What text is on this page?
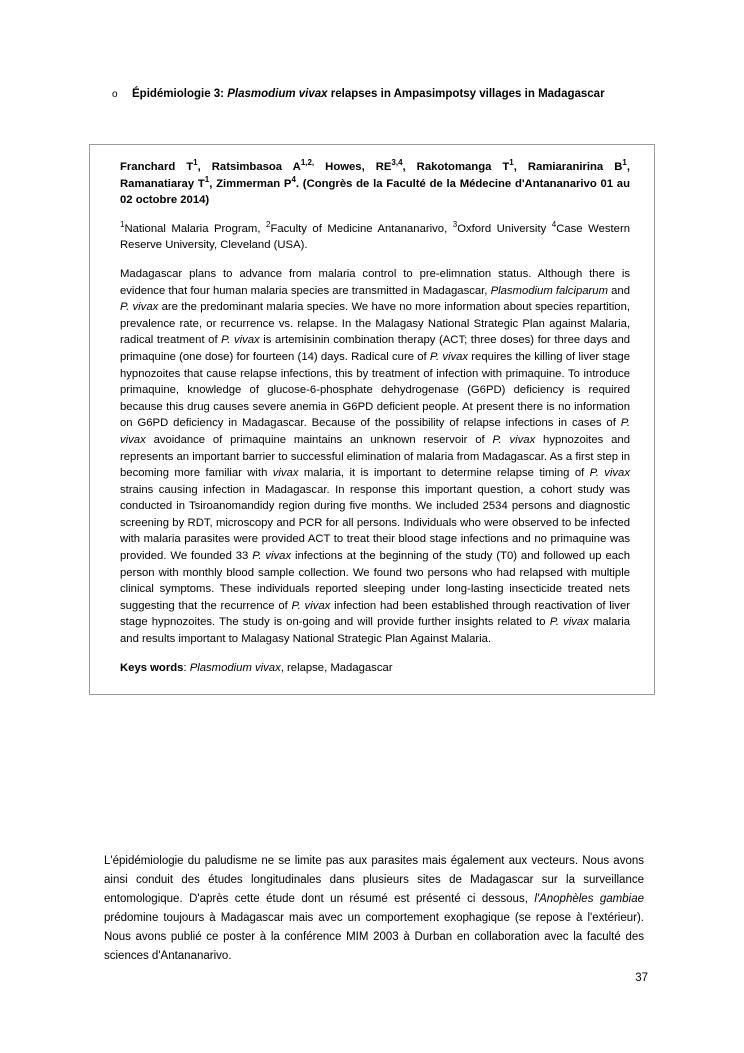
o	Épidémiologie 3: Plasmodium vivax relapses in Ampasimpotsy villages in Madagascar

Franchard $T^1$, Ratsimbasoa $A^{1,2,}$ Howes, RE$^{3,4}$, Rakotomanga $T^1$, Ramiaranirina $B^1$, Ramanatiaray $T^1$, Zimmerman $P^4$. (Congrès de la Faculté de la Médecine d'Antananarivo 01 au 02 octobre 2014)

$^1$National Malaria Program, $^2$Faculty of Medicine Antananarivo, $^3$Oxford University $^4$Case Western Reserve University, Cleveland (USA).

Madagascar plans to advance from malaria control to pre-elimnation status. Although there is evidence that four human malaria species are transmitted in Madagascar, Plasmodium falciparum and P. vivax are the predominant malaria species. We have no more information about species repartition, prevalence rate, or recurrence vs. relapse. In the Malagasy National Strategic Plan against Malaria, radical treatment of P. vivax is artemisinin combination therapy (ACT; three doses) for three days and primaquine (one dose) for fourteen (14) days. Radical cure of P. vivax requires the killing of liver stage hypnozoites that cause relapse infections, this by treatment of infection with primaquine. To introduce primaquine, knowledge of glucose-6-phosphate dehydrogenase (G6PD) deficiency is required because this drug causes severe anemia in G6PD deficient people. At present there is no information on G6PD deficiency in Madagascar. Because of the possibility of relapse infections in cases of P. vivax avoidance of primaquine maintains an unknown reservoir of P. vivax hypnozoites and represents an important barrier to successful elimination of malaria from Madagascar. As a first step in becoming more familiar with vivax malaria, it is important to determine relapse timing of P. vivax strains causing infection in Madagascar. In response this important question, a cohort study was conducted in Tsiroanomandidy region during five months. We included 2534 persons and diagnostic screening by RDT, microscopy and PCR for all persons. Individuals who were observed to be infected with malaria parasites were provided ACT to treat their blood stage infections and no primaquine was provided. We founded 33 P. vivax infections at the beginning of the study (T0) and followed up each person with monthly blood sample collection. We found two persons who had relapsed with multiple clinical symptoms. These individuals reported sleeping under long-lasting insecticide treated nets suggesting that the recurrence of P. vivax infection had been established through reactivation of liver stage hypnozoites. The study is on-going and will provide further insights related to P. vivax malaria and results important to Malagasy National Strategic Plan Against Malaria.

Keys words: Plasmodium vivax, relapse, Madagascar

L'épidémiologie du paludisme ne se limite pas aux parasites mais également aux vecteurs. Nous avons ainsi conduit des études longitudinales dans plusieurs sites de Madagascar sur la surveillance entomologique. D'après cette étude dont un résumé est présenté ci dessous, l'Anophèles gambiae prédomine toujours à Madagascar mais avec un comportement exophagique (se repose à l'extérieur). Nous avons publié ce poster à la conférence MIM 2003 à Durban en collaboration avec la faculté des sciences d'Antananarivo.
37
